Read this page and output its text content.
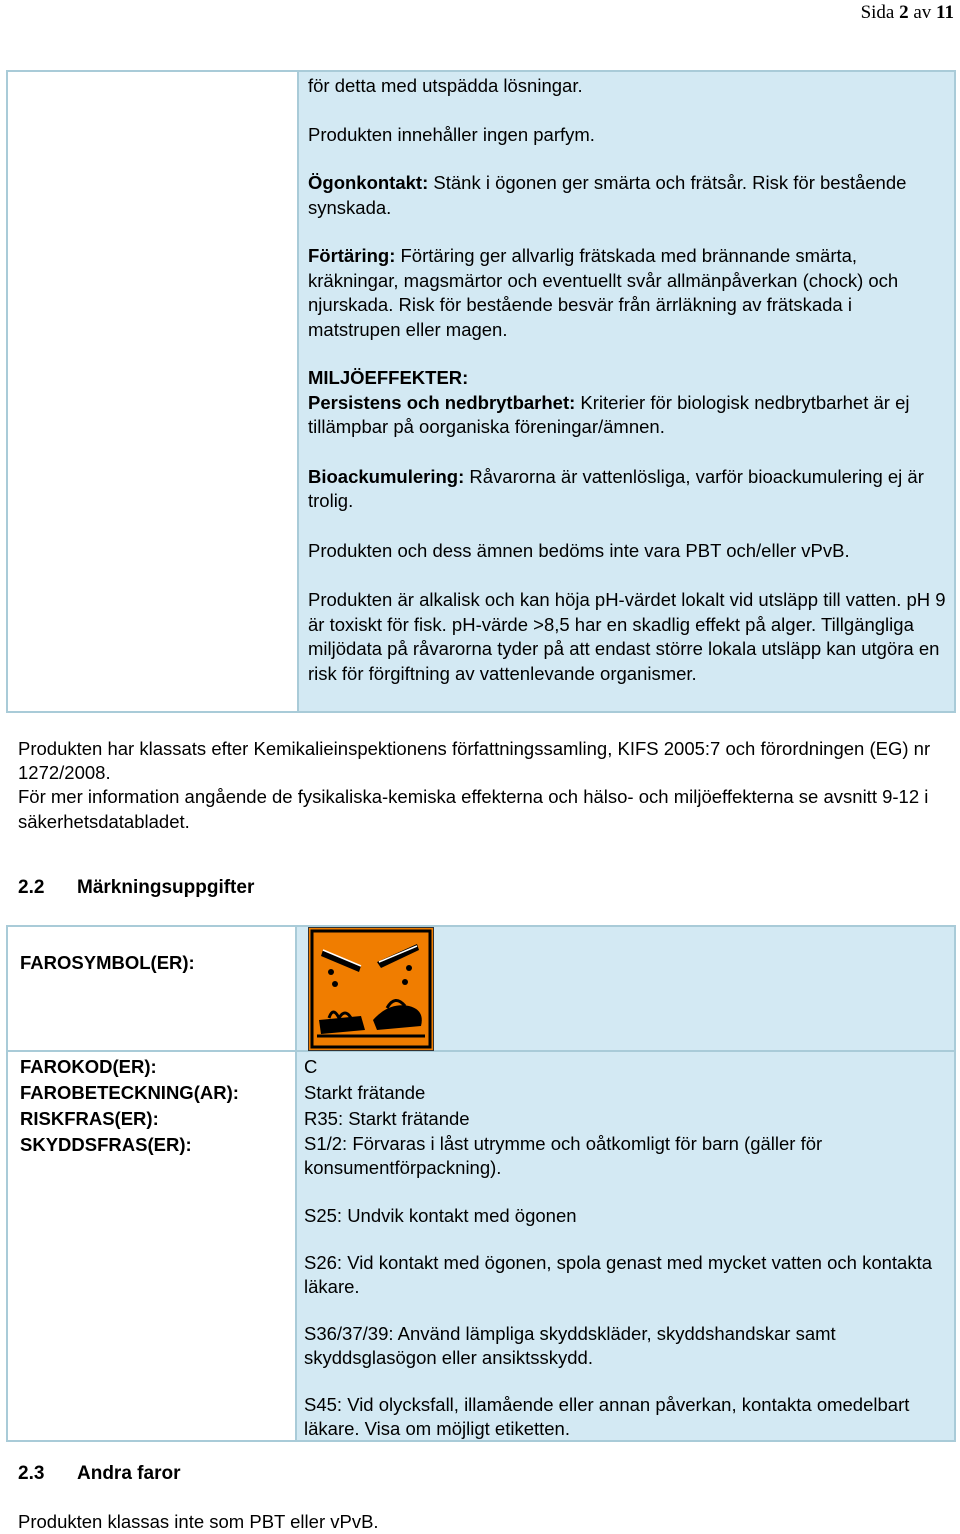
Sida 2 av 11

för detta med utspädda lösningar.

Produkten innehåller ingen parfym.

Ögonkontakt: Stänk i ögonen ger smärta och frätsår. Risk för bestående synskada.

Förtäring: Förtäring ger allvarlig frätskada med brännande smärta, kräkningar, magsmärtor och eventuellt svår allmänpåverkan (chock) och njurskada. Risk för bestående besvär från ärrläkning av frätskada i matstrupen eller magen.

MILJÖEFFEKTER:

Persistens och nedbrytbarhet: Kriterier för biologisk nedbrytbarhet är ej tillämpbar på oorganiska föreningar/ämnen.

Bioackumulering: Råvarorna är vattenlösliga, varför bioackumulering ej är trolig.

Produkten och dess ämnen bedöms inte vara PBT och/eller vPvB.

Produkten är alkalisk och kan höja pH-värdet lokalt vid utsläpp till vatten. pH 9 är toxiskt för fisk. pH-värde >8,5 har en skadlig effekt på alger. Tillgängliga miljödata på råvarorna tyder på att endast större lokala utsläpp kan utgöra en risk för förgiftning av vattenlevande organismer.

Produkten har klassats efter Kemikalieinspektionens författningssamling, KIFS 2005:7 och förordningen (EG) nr 1272/2008.

För mer information angående de fysikaliska-kemiska effekterna och hälso- och miljöeffekterna se avsnitt 9-12 i säkerhetsdatabladet.

2.2 Märkningsuppgifter
FAROSYMBOL(ER):
FAROKOD(ER):
FAROBETECKNING(AR):
RISKFRAS(ER):
SKYDDSFRAS(ER):
C
Starkt frätande
R35: Starkt frätande
S1/2: Förvaras i låst utrymme och oåtkomligt för barn (gäller för konsumentförpackning).
S25: Undvik kontakt med ögonen
S26: Vid kontakt med ögonen, spola genast med mycket vatten och kontakta läkare.
S36/37/39: Använd lämpliga skyddskläder, skyddshandskar samt skyddsglasögon eller ansiktsskydd.
S45: Vid olycksfall, illamående eller annan påverkan, kontakta omedelbart läkare. Visa om möjligt etiketten.
2.3 Andra faror
Produkten klassas inte som PBT eller vPvB.
